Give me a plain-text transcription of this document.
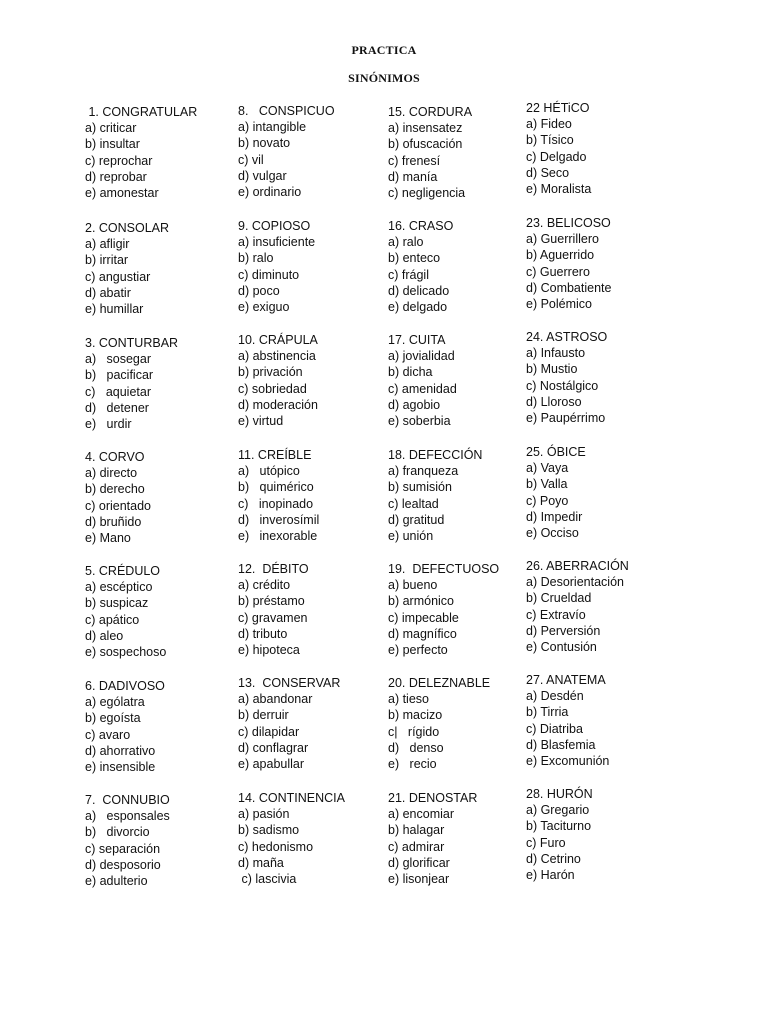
PRACTICA
SINÓNIMOS
1. CONGRATULAR
a) criticar
b) insultar
c) reprochar
d) reprobar
e) amonestar
2. CONSOLAR
a) afligir
b) irritar
c) angustiar
d) abatir
e) humillar
3. CONTURBAR
a)   sosegar
b)   pacificar
c)   aquietar
d)   detener
e)   urdir
4. CORVO
a) directo
b) derecho
c) orientado
d) bruñido
e) Mano
5. CRÉDULO
a) escéptico
b) suspicaz
c) apático
d) aleo
e) sospechoso
6. DADIVOSO
a) ególatra
b) egoísta
c) avaro
d) ahorrativo
e) insensible
7.  CONNUBIO
a)   esponsales
b)   divorcio
c) separación
d) desposorio
e) adulterio
8.   CONSPICUO
a) intangible
b) novato
c) vil
d) vulgar
e) ordinario
9. COPIOSO
a) insuficiente
b) ralo
c) diminuto
d) poco
e) exiguo
10. CRÁPULA
a) abstinencia
b) privación
c) sobriedad
d) moderación
e) virtud
11. CREÍBLE
a)   utópico
b)   quimérico
c)   inopinado
d)   inverosímil
e)   inexorable
12.  DÉBITO
a) crédito
b) préstamo
c) gravamen
d) tributo
e) hipoteca
13.  CONSERVAR
a) abandonar
b) derruir
c) dilapidar
d) conflagrar
e) apabullar
14. CONTINENCIA
a) pasión
b) sadismo
c) hedonismo
d) maña
c) lascivia
15. CORDURA
a) insensatez
b) ofuscación
c) frenesí
d) manía
c) negligencia
16. CRASO
a) ralo
b) enteco
c) frágil
d) delicado
e) delgado
17. CUITA
a) jovialidad
b) dicha
c) amenidad
d) agobio
e) soberbia
18. DEFECCIÓN
a) franqueza
b) sumisión
c) lealtad
d) gratitud
e) unión
19.  DEFECTUOSO
a) bueno
b) armónico
c) impecable
d) magnífico
e) perfecto
20. DELEZNABLE
a) tieso
b) macizo
c|   rígido
d)   denso
e)   recio
21. DENOSTAR
a) encomiar
b) halagar
c) admirar
d) glorificar
e) lisonjear
22 HÉTiCO
a) Fideo
b) Tísico
c) Delgado
d) Seco
e) Moralista
23. BELICOSO
a) Guerrillero
b) Aguerrido
c) Guerrero
d) Combatiente
e) Polémico
24. ASTROSO
a) Infausto
b) Mustio
c) Nostálgico
d) Lloroso
e) Paupérrimo
25. ÓBICE
a) Vaya
b) Valla
c) Poyo
d) Impedir
e) Occiso
26. ABERRACIÓN
a) Desorientación
b) Crueldad
c) Extravío
d) Perversión
e) Contusión
27. ANATEMA
a) Desdén
b) Tirria
c) Diatriba
d) Blasfemia
e) Excomunión
28. HURÓN
a) Gregario
b) Taciturno
c) Furo
d) Cetrino
e) Harón
